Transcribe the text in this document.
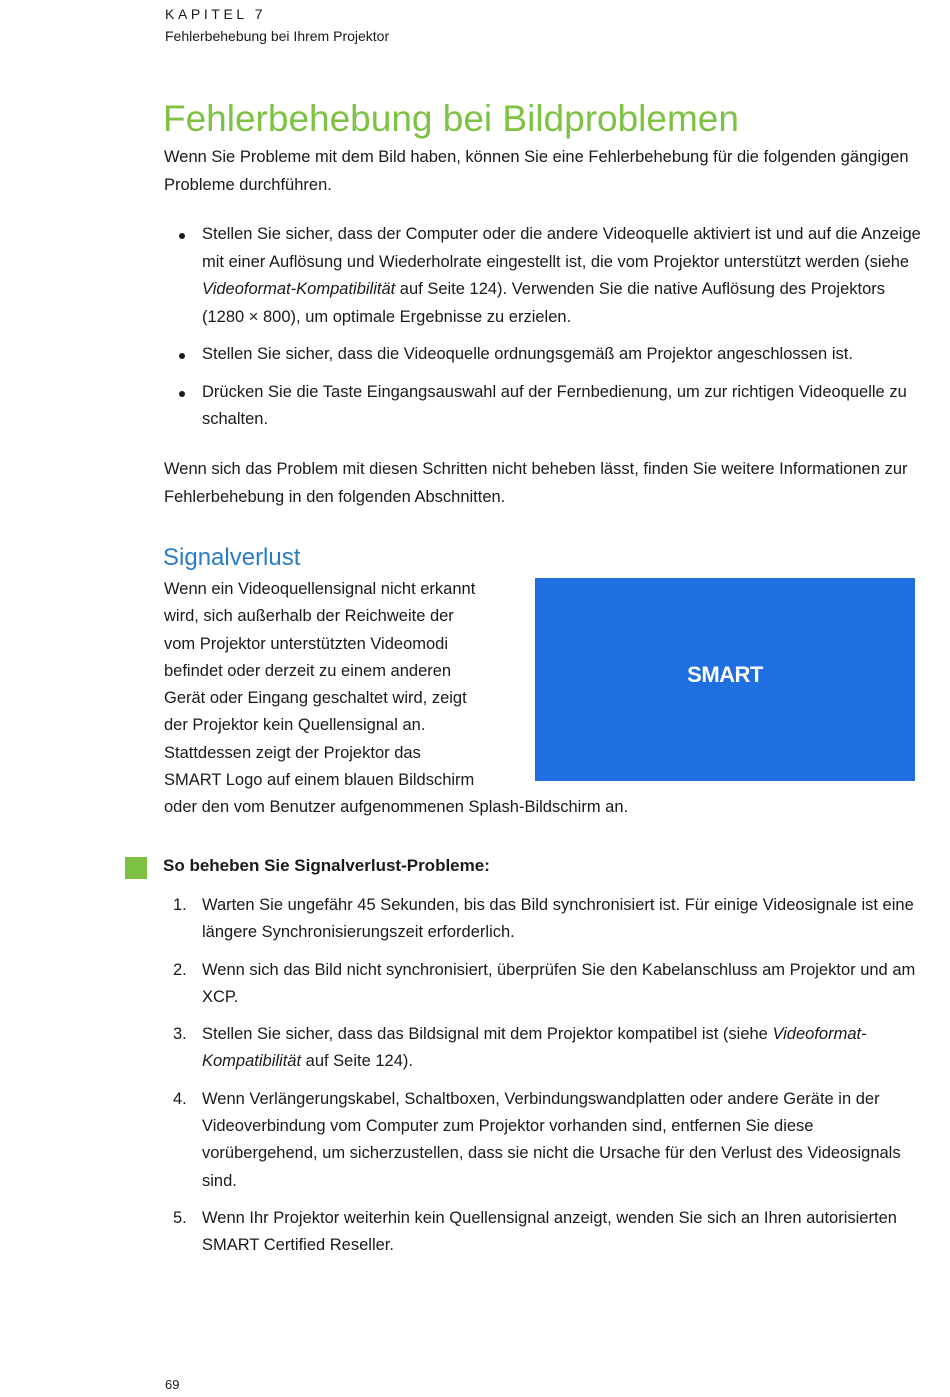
KAPITEL 7
Fehlerbehebung bei Ihrem Projektor
Fehlerbehebung bei Bildproblemen

Wenn Sie Probleme mit dem Bild haben, können Sie eine Fehlerbehebung für die folgenden gängigen Probleme durchführen.

Stellen Sie sicher, dass der Computer oder die andere Videoquelle aktiviert ist und auf die Anzeige mit einer Auflösung und Wiederholrate eingestellt ist, die vom Projektor unterstützt werden (siehe Videoformat-Kompatibilität auf Seite 124). Verwenden Sie die native Auflösung des Projektors (1280 × 800), um optimale Ergebnisse zu erzielen.
Stellen Sie sicher, dass die Videoquelle ordnungsgemäß am Projektor angeschlossen ist.
Drücken Sie die Taste Eingangsauswahl auf der Fernbedienung, um zur richtigen Videoquelle zu schalten.

Wenn sich das Problem mit diesen Schritten nicht beheben lässt, finden Sie weitere Informationen zur Fehlerbehebung in den folgenden Abschnitten.

Signalverlust

Wenn ein Videoquellensignal nicht erkannt
wird, sich außerhalb der Reichweite der
vom Projektor unterstützten Videomodi
befindet oder derzeit zu einem anderen
Gerät oder Eingang geschaltet wird, zeigt
der Projektor kein Quellensignal an.
Stattdessen zeigt der Projektor das
SMART Logo auf einem blauen Bildschirm
oder den vom Benutzer aufgenommenen Splash-Bildschirm an.

SMART
So beheben Sie Signalverlust-Probleme:
1. Warten Sie ungefähr 45 Sekunden, bis das Bild synchronisiert ist. Für einige Videosignale ist eine längere Synchronisierungszeit erforderlich.
2. Wenn sich das Bild nicht synchronisiert, überprüfen Sie den Kabelanschluss am Projektor und am XCP.
3. Stellen Sie sicher, dass das Bildsignal mit dem Projektor kompatibel ist (siehe Videoformat-Kompatibilität auf Seite 124).
4. Wenn Verlängerungskabel, Schaltboxen, Verbindungswandplatten oder andere Geräte in der Videoverbindung vom Computer zum Projektor vorhanden sind, entfernen Sie diese vorübergehend, um sicherzustellen, dass sie nicht die Ursache für den Verlust des Videosignals sind.
5. Wenn Ihr Projektor weiterhin kein Quellensignal anzeigt, wenden Sie sich an Ihren autorisierten SMART Certified Reseller.
69
